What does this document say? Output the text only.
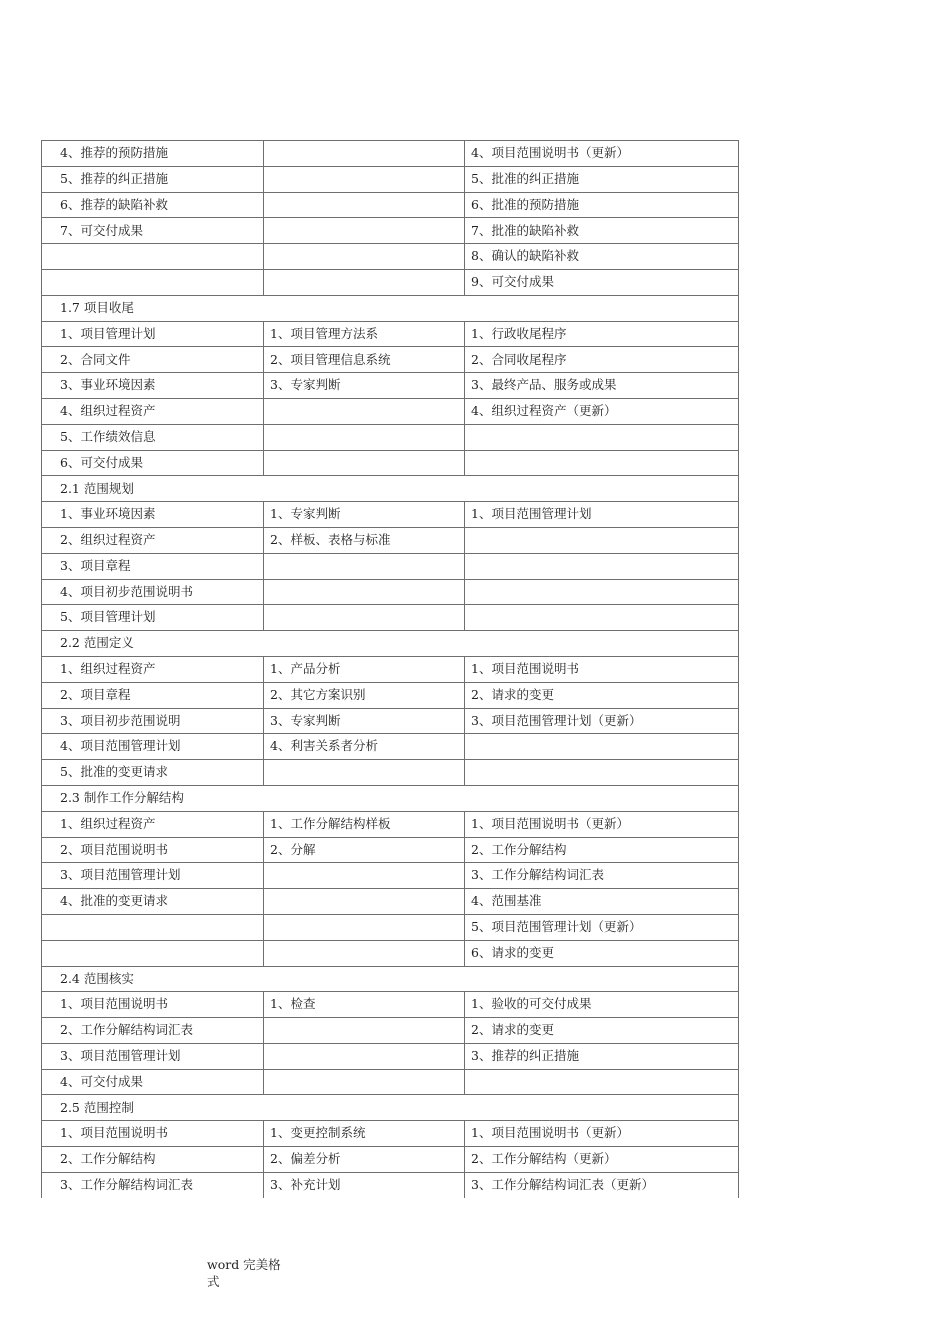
4、推荐的预防措施		4、项目范围说明书（更新）
5、推荐的纠正措施		5、批准的纠正措施
6、推荐的缺陷补救		6、批准的预防措施
7、可交付成果		7、批准的缺陷补救
		8、确认的缺陷补救
		9、可交付成果
1.7 项目收尾		
1、项目管理计划	1、项目管理方法系	1、行政收尾程序
2、合同文件	2、项目管理信息系统	2、合同收尾程序
3、事业环境因素	3、专家判断	3、最终产品、服务或成果
4、组织过程资产		4、组织过程资产（更新）
5、工作绩效信息		
6、可交付成果		
2.1 范围规划		
1、事业环境因素	1、专家判断	1、项目范围管理计划
2、组织过程资产	2、样板、表格与标准	
3、项目章程		
4、项目初步范围说明书		
5、项目管理计划		
2.2 范围定义		
1、组织过程资产	1、产品分析	1、项目范围说明书
2、项目章程	2、其它方案识别	2、请求的变更
3、项目初步范围说明	3、专家判断	3、项目范围管理计划（更新）
4、项目范围管理计划	4、利害关系者分析	
5、批准的变更请求		
2.3 制作工作分解结构		
1、组织过程资产	1、工作分解结构样板	1、项目范围说明书（更新）
2、项目范围说明书	2、分解	2、工作分解结构
3、项目范围管理计划		3、工作分解结构词汇表
4、批准的变更请求		4、范围基准
		5、项目范围管理计划（更新）
		6、请求的变更
2.4 范围核实		
1、项目范围说明书	1、检查	1、验收的可交付成果
2、工作分解结构词汇表		2、请求的变更
3、项目范围管理计划		3、推荐的纠正措施
4、可交付成果		
2.5 范围控制		
1、项目范围说明书	1、变更控制系统	1、项目范围说明书（更新）
2、工作分解结构	2、偏差分析	2、工作分解结构（更新）
3、工作分解结构词汇表	3、补充计划	3、工作分解结构词汇表（更新）
word 完美格式
